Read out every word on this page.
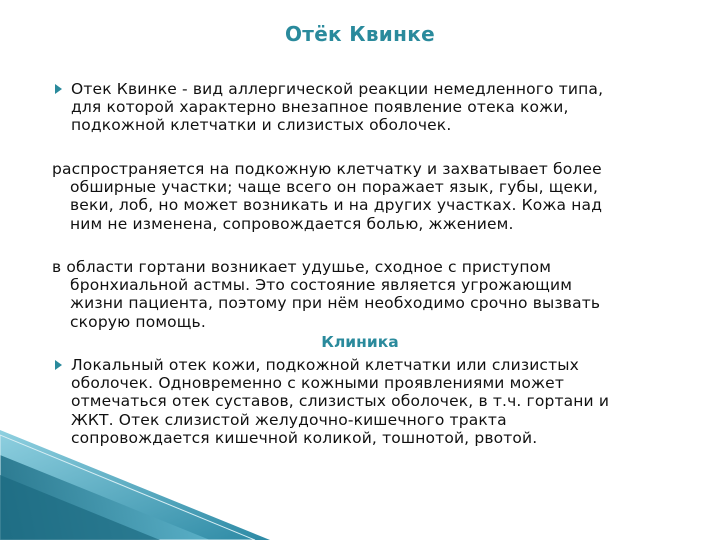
Отёк Квинке
Отек Квинке - вид аллергической реакции немедленного типа,
для которой характерно внезапное появление отека кожи,
подкожной клетчатки и слизистых оболочек.
распространяется на подкожную клетчатку и захватывает более
обширные участки; чаще всего он поражает язык, губы, щеки,
веки, лоб, но может возникать и на других участках. Кожа над
ним не изменена, сопровождается болью, жжением.
в области гортани возникает удушье, сходное с приступом
бронхиальной астмы. Это состояние является угрожающим
жизни пациента, поэтому при нём необходимо срочно вызвать
скорую помощь.
Клиника
Локальный отек кожи, подкожной клетчатки или слизистых
оболочек. Одновременно с кожными проявлениями может
отмечаться отек суставов, слизистых оболочек, в т.ч. гортани и
ЖКТ. Отек слизистой желудочно-кишечного тракта
сопровождается кишечной коликой, тошнотой, рвотой.
